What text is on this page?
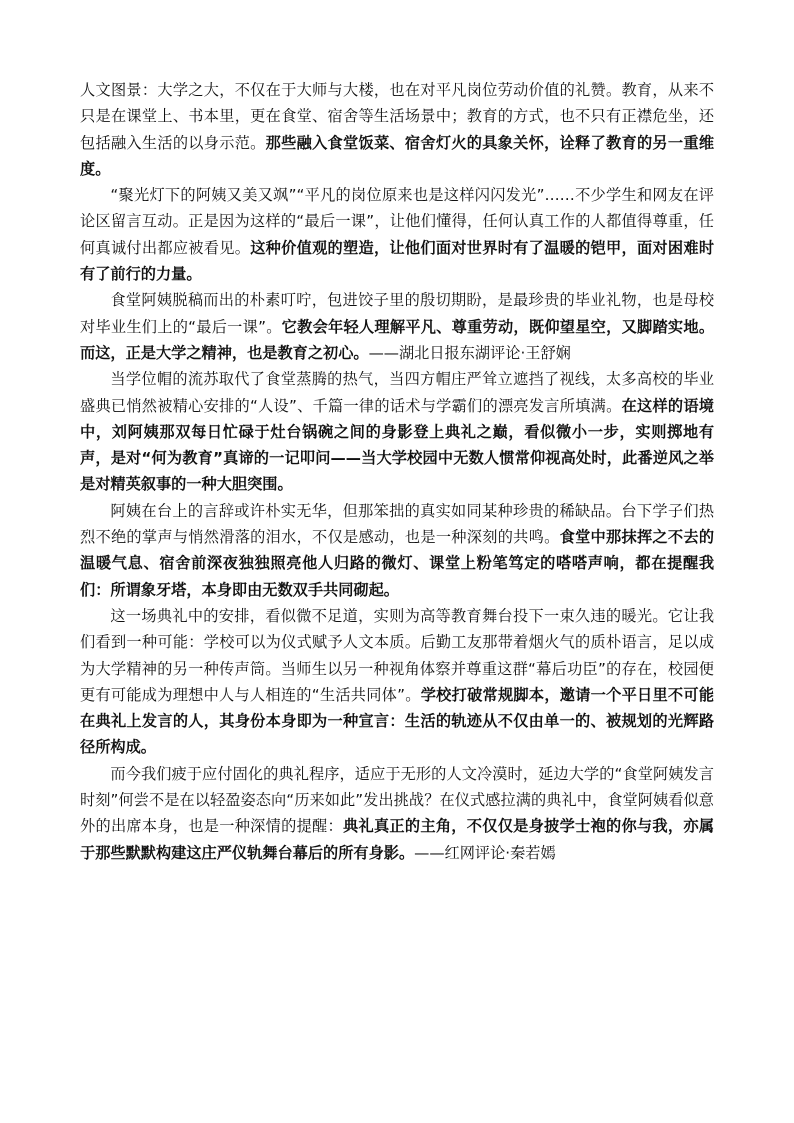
人文图景：大学之大，不仅在于大师与大楼，也在对平凡岗位劳动价值的礼赞。教育，从来不只是在课堂上、书本里，更在食堂、宿舍等生活场景中；教育的方式，也不只有正襟危坐，还包括融入生活的以身示范。那些融入食堂饭菜、宿舍灯火的具象关怀，诠释了教育的另一重维度。

“聚光灯下的阿姨又美又飒”“平凡的岗位原来也是这样闪闪发光”……不少学生和网友在评论区留言互动。正是因为这样的“最后一课”，让他们懂得，任何认真工作的人都值得尊重，任何真诚付出都应被看见。这种价值观的塑造，让他们面对世界时有了温暖的铠甲，面对困难时有了前行的力量。

食堂阿姨脱稿而出的朴素叮咛，包进饺子里的殷切期盼，是最珍贵的毕业礼物，也是母校对毕业生们上的“最后一课”。它教会年轻人理解平凡、尊重劳动，既仰望星空，又脚踏实地。而这，正是大学之精神，也是教育之初心。——湖北日报东湖评论·王舒娴

当学位帽的流苏取代了食堂蒸腾的热气，当四方帽庄严耸立遮挡了视线，太多高校的毕业盛典已悄然被精心安排的“人设”、千篇一律的话术与学霸们的漂亮发言所填满。在这样的语境中，刘阿姨那双每日忙碌于灶台锅碗之间的身影登上典礼之巅，看似微小一步，实则掷地有声，是对“何为教育”真谛的一记叩问——当大学校园中无数人惯常仰视高处时，此番逆风之举是对精英叙事的一种大胆突围。

阿姨在台上的言辞或许朴实无华，但那笨拙的真实如同某种珍贵的稀缺品。台下学子们热烈不绝的掌声与悄然滑落的泪水，不仅是感动，也是一种深刻的共鸣。食堂中那抹挥之不去的温暖气息、宿舍前深夜独独照亮他人归路的微灯、课堂上粉笔笃定的嗒嗒声响，都在提醒我们：所谓象牙塔，本身即由无数双手共同砌起。

这一场典礼中的安排，看似微不足道，实则为高等教育舞台投下一束久违的暖光。它让我们看到一种可能：学校可以为仪式赋予人文本质。后勤工友那带着烟火气的质朴语言，足以成为大学精神的另一种传声筒。当师生以另一种视角体察并尊重这群“幕后功臣”的存在，校园便更有可能成为理想中人与人相连的“生活共同体”。学校打破常规脚本，邀请一个平日里不可能在典礼上发言的人，其身份本身即为一种宣言：生活的轨迹从不仅由单一的、被规划的光辉路径所构成。

而今我们疲于应付固化的典礼程序，适应于无形的人文冷漠时，延边大学的“食堂阿姨发言时刻”何尝不是在以轻盈姿态向“历来如此”发出挑战？在仪式感拉满的典礼中，食堂阿姨看似意外的出席本身，也是一种深情的提醒：典礼真正的主角，不仅仅是身披学士袍的你与我，亦属于那些默默构建这庄严仪轨舞台幕后的所有身影。——红网评论·秦若嫣
